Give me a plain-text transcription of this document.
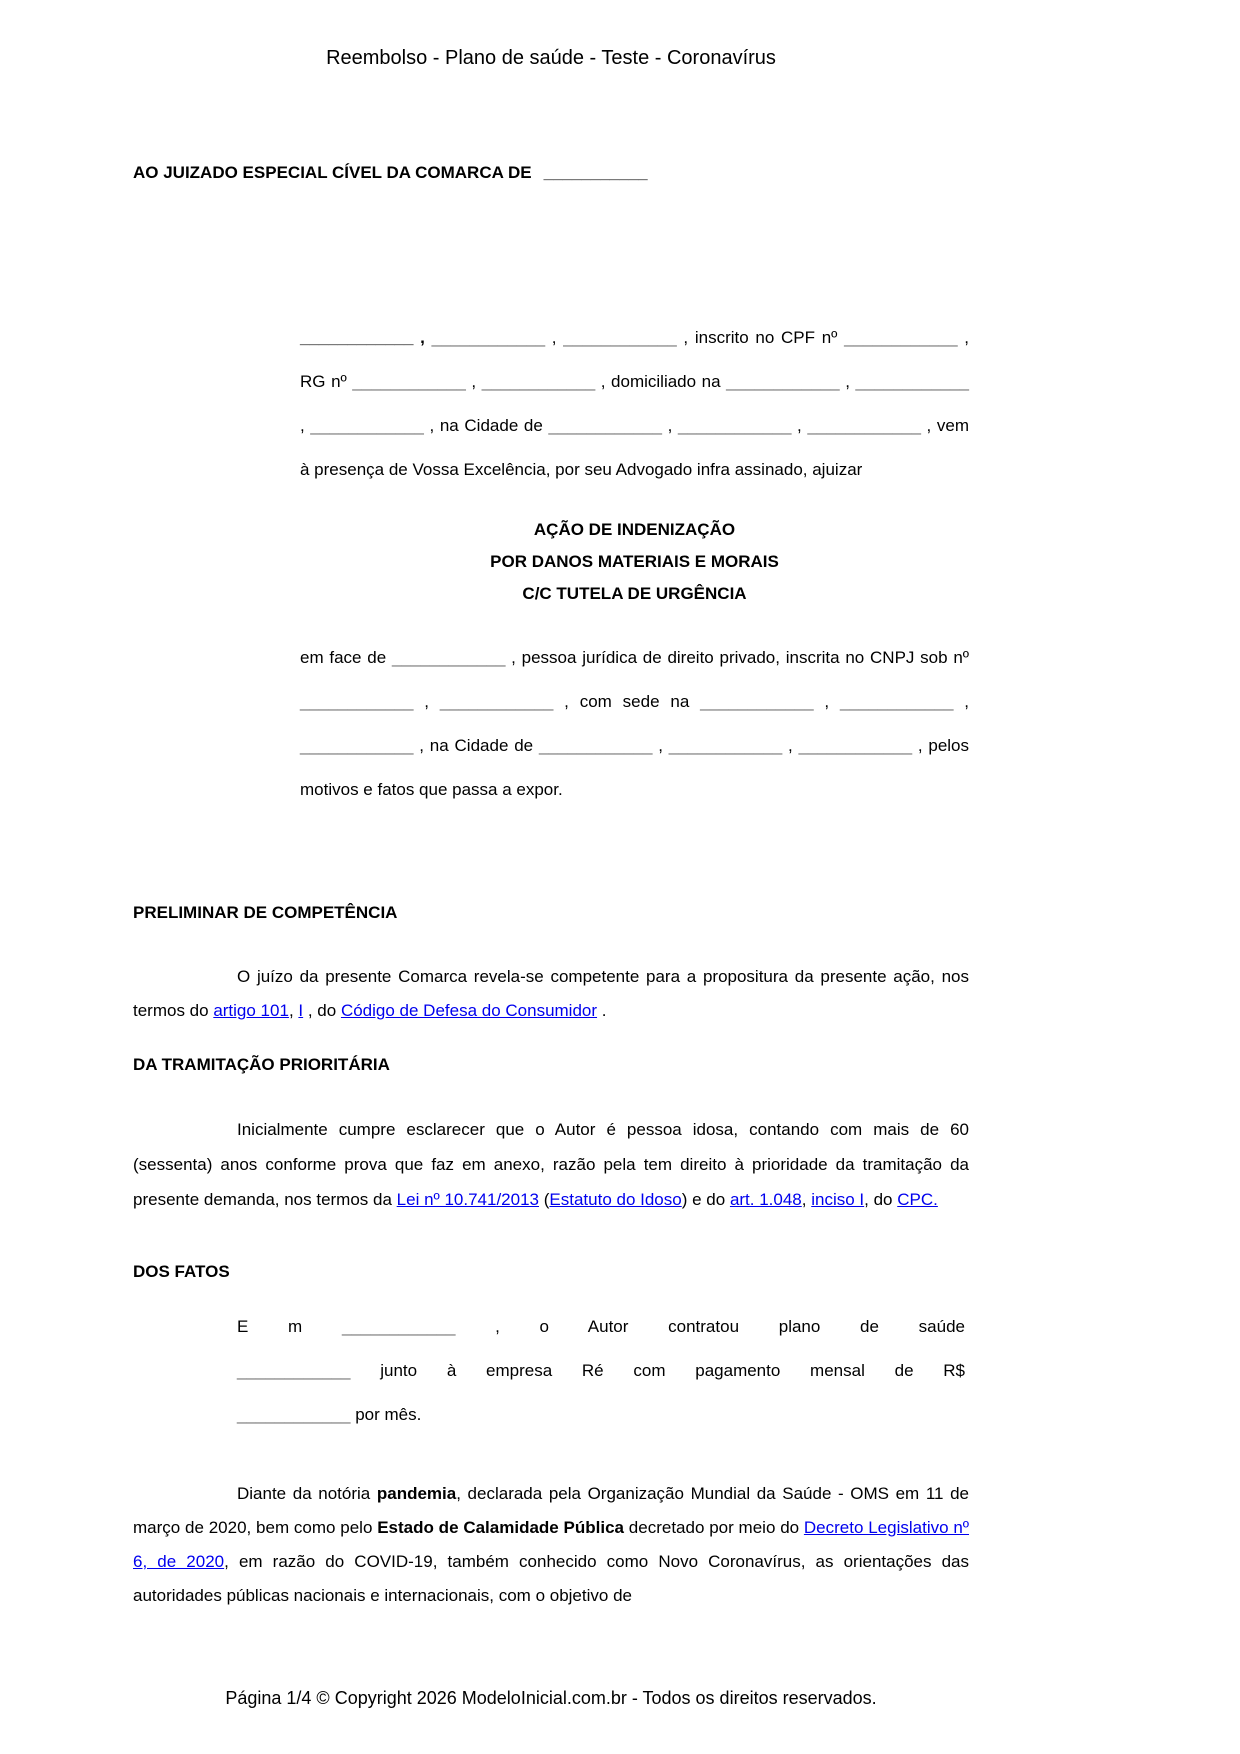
Reembolso - Plano de saúde - Teste - Coronavírus
AO JUIZADO ESPECIAL CÍVEL DA COMARCA DE ___________

____________ , ____________ , ____________ , inscrito no CPF nº ____________ , RG nº ____________ , ____________ , domiciliado na ____________ , ____________ , ____________ , na Cidade de ____________ , ____________ , ____________ , vem à presença de Vossa Excelência, por seu Advogado infra assinado, ajuizar

AÇÃO DE INDENIZAÇÃO
POR DANOS MATERIAIS E MORAIS
C/C TUTELA DE URGÊNCIA

em face de ____________ , pessoa jurídica de direito privado, inscrita no CNPJ sob nº ____________ , ____________ , com sede na ____________ , ____________ , ____________ , na Cidade de ____________ , ____________ , ____________ , pelos motivos e fatos que passa a expor.

PRELIMINAR DE COMPETÊNCIA

O juízo da presente Comarca revela-se competente para a propositura da presente ação, nos termos do artigo 101, I , do Código de Defesa do Consumidor .

DA TRAMITAÇÃO PRIORITÁRIA

Inicialmente cumpre esclarecer que o Autor é pessoa idosa, contando com mais de 60 (sessenta) anos conforme prova que faz em anexo, razão pela tem direito à prioridade da tramitação da presente demanda, nos termos da Lei nº 10.741/2013 (Estatuto do Idoso) e do art. 1.048, inciso I, do CPC.

DOS FATOS
E m ____________ , o Autor contratou plano de saúde
____________ junto à empresa Ré com pagamento mensal de R$
____________ por mês.

Diante da notória pandemia, declarada pela Organização Mundial da Saúde - OMS em 11 de março de 2020, bem como pelo Estado de Calamidade Pública decretado por meio do Decreto Legislativo nº 6, de 2020, em razão do COVID-19, também conhecido como Novo Coronavírus, as orientações das autoridades públicas nacionais e internacionais, com o objetivo de

Página 1/4 © Copyright 2026 ModeloInicial.com.br - Todos os direitos reservados.
